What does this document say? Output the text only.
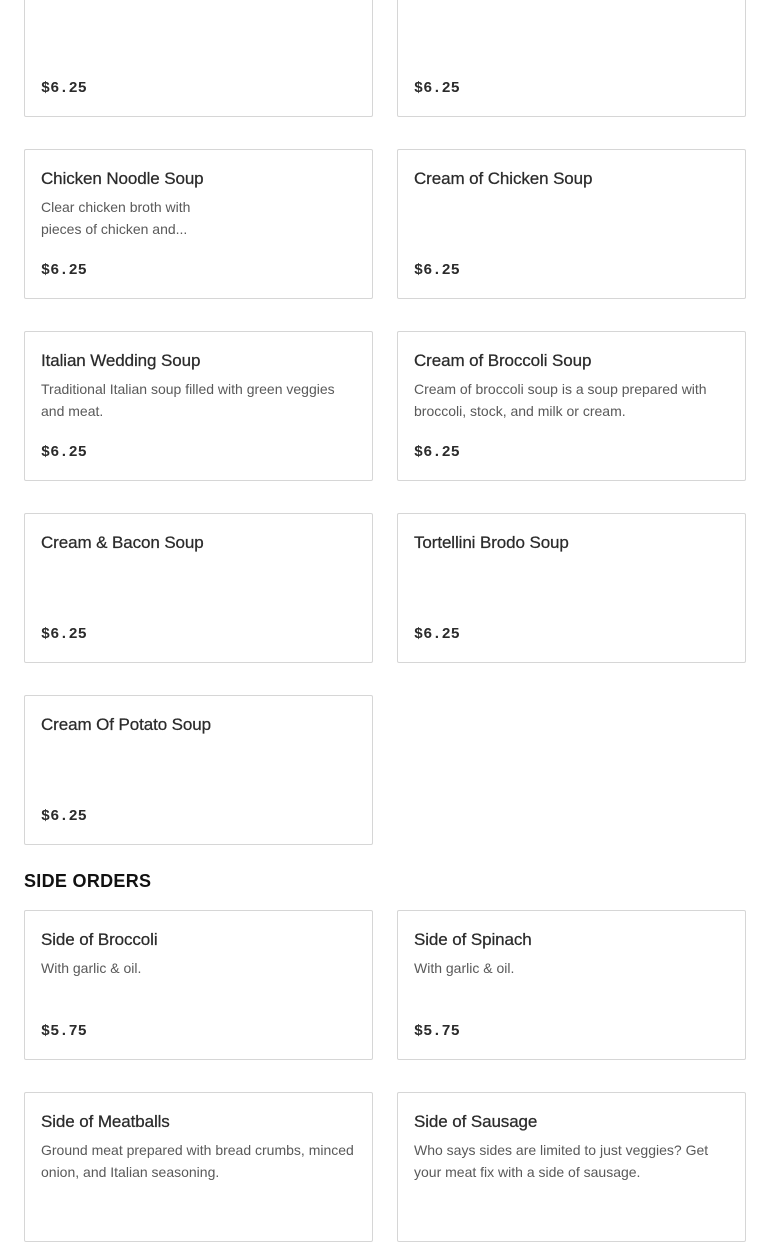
$6.25	$6.25
Chicken Noodle Soup
Clear chicken broth with pieces of chicken and...
$6.25
Cream of Chicken Soup
$6.25
Italian Wedding Soup
Traditional Italian soup filled with green veggies and meat.
$6.25
Cream of Broccoli Soup
Cream of broccoli soup is a soup prepared with broccoli, stock, and milk or cream.
$6.25
Cream & Bacon Soup
$6.25
Tortellini Brodo Soup
$6.25
Cream Of Potato Soup
$6.25
SIDE ORDERS
Side of Broccoli
With garlic & oil.
$5.75
Side of Spinach
With garlic & oil.
$5.75
Side of Meatballs
Ground meat prepared with bread crumbs, minced onion, and Italian seasoning.
Side of Sausage
Who says sides are limited to just veggies? Get your meat fix with a side of sausage.
